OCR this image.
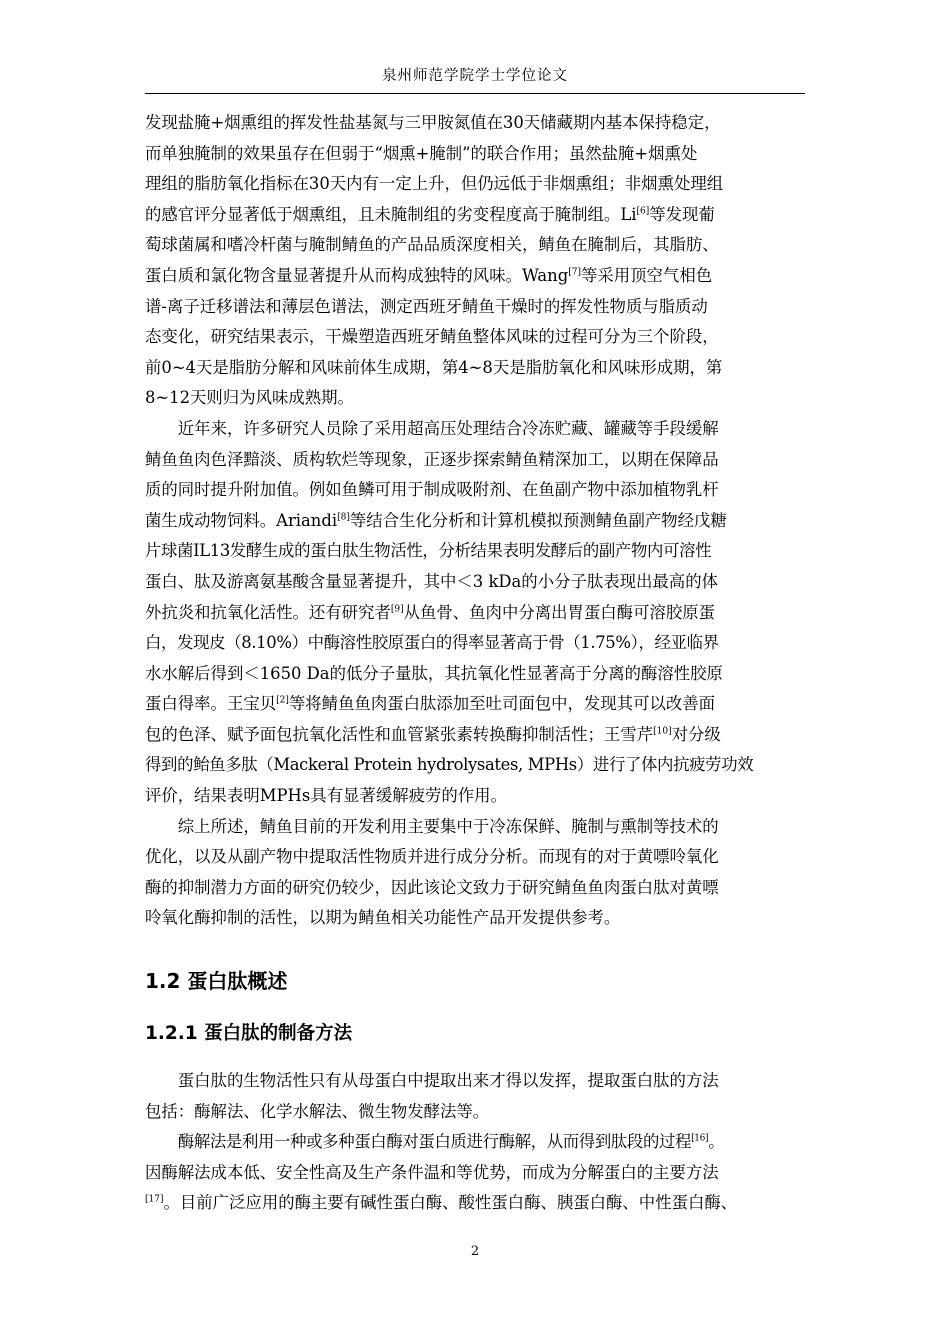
泉州师范学院学士学位论文

发现盐腌+烟熏组的挥发性盐基氮与三甲胺氮值在30天储藏期内基本保持稳定，
而单独腌制的效果虽存在但弱于“烟熏+腌制”的联合作用；虽然盐腌+烟熏处
理组的脂肪氧化指标在30天内有一定上升，但仍远低于非烟熏组；非烟熏处理组
的感官评分显著低于烟熏组，且未腌制组的劣变程度高于腌制组。Li[6]等发现葡
萄球菌属和嗜冷杆菌与腌制鲭鱼的产品品质深度相关，鲭鱼在腌制后，其脂肪、
蛋白质和氯化物含量显著提升从而构成独特的风味。Wang[7]等采用顶空气相色
谱-离子迁移谱法和薄层色谱法，测定西班牙鲭鱼干燥时的挥发性物质与脂质动
态变化，研究结果表示，干燥塑造西班牙鲭鱼整体风味的过程可分为三个阶段，
前0~4天是脂肪分解和风味前体生成期，第4~8天是脂肪氧化和风味形成期，第
8~12天则归为风味成熟期。

近年来，许多研究人员除了采用超高压处理结合冷冻贮藏、罐藏等手段缓解
鲭鱼鱼肉色泽黯淡、质构软烂等现象，正逐步探索鲭鱼精深加工，以期在保障品
质的同时提升附加值。例如鱼鳞可用于制成吸附剂、在鱼副产物中添加植物乳杆
菌生成动物饲料。Ariandi[8]等结合生化分析和计算机模拟预测鲭鱼副产物经戊糖
片球菌IL13发酵生成的蛋白肽生物活性，分析结果表明发酵后的副产物内可溶性
蛋白、肽及游离氨基酸含量显著提升，其中＜3 kDa的小分子肽表现出最高的体
外抗炎和抗氧化活性。还有研究者[9]从鱼骨、鱼肉中分离出胃蛋白酶可溶胶原蛋
白，发现皮（8.10%）中酶溶性胶原蛋白的得率显著高于骨（1.75%），经亚临界
水水解后得到＜1650 Da的低分子量肽，其抗氧化性显著高于分离的酶溶性胶原
蛋白得率。王宝贝[2]等将鲭鱼鱼肉蛋白肽添加至吐司面包中，发现其可以改善面
包的色泽、赋予面包抗氧化活性和血管紧张素转换酶抑制活性；王雪芹[10]对分级
得到的鲐鱼多肽（Mackeral Protein hydrolysates, MPHs）进行了体内抗疲劳功效
评价，结果表明MPHs具有显著缓解疲劳的作用。

综上所述，鲭鱼目前的开发利用主要集中于冷冻保鲜、腌制与熏制等技术的
优化，以及从副产物中提取活性物质并进行成分分析。而现有的对于黄嘌呤氧化
酶的抑制潜力方面的研究仍较少，因此该论文致力于研究鲭鱼鱼肉蛋白肽对黄嘌
呤氧化酶抑制的活性，以期为鲭鱼相关功能性产品开发提供参考。

1.2 蛋白肽概述
1.2.1 蛋白肽的制备方法

蛋白肽的生物活性只有从母蛋白中提取出来才得以发挥，提取蛋白肽的方法
包括：酶解法、化学水解法、微生物发酵法等。

酶解法是利用一种或多种蛋白酶对蛋白质进行酶解，从而得到肽段的过程[16]。
因酶解法成本低、安全性高及生产条件温和等优势，而成为分解蛋白的主要方法
[17]。目前广泛应用的酶主要有碱性蛋白酶、酸性蛋白酶、胰蛋白酶、中性蛋白酶、

2
